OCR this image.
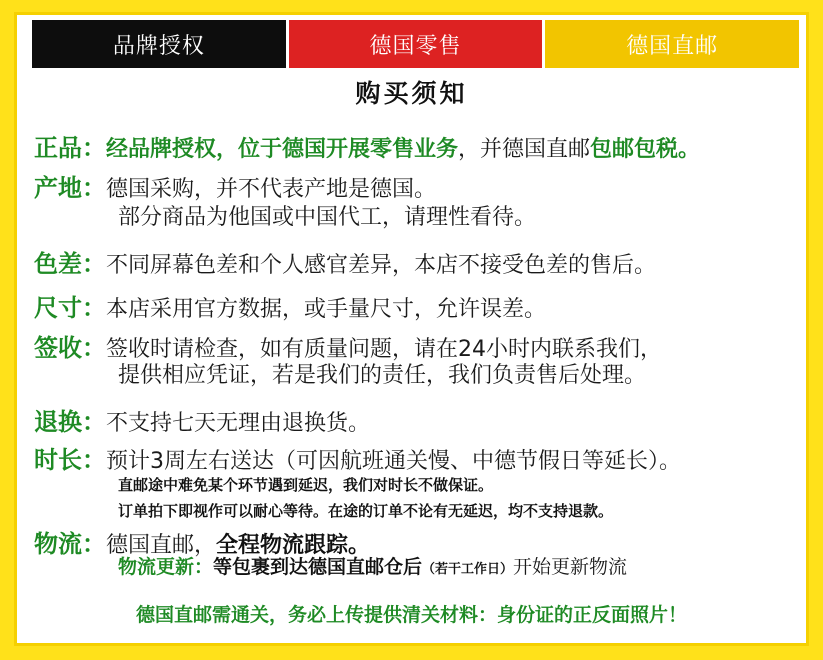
品牌授权	德国零售	德国直邮
购买须知
正品：经品牌授权，位于德国开展零售业务，并德国直邮包邮包税。
产地：德国采购，并不代表产地是德国。
部分商品为他国或中国代工，请理性看待。
色差：不同屏幕色差和个人感官差异，本店不接受色差的售后。
尺寸：本店采用官方数据，或手量尺寸，允许误差。
签收：签收时请检查，如有质量问题，请在24小时内联系我们，
提供相应凭证，若是我们的责任，我们负责售后处理。
退换：不支持七天无理由退换货。
时长：预计3周左右送达（可因航班通关慢、中德节假日等延长）。
直邮途中难免某个环节遇到延迟，我们对时长不做保证。
订单拍下即视作可以耐心等待。在途的订单不论有无延迟，均不支持退款。
物流：德国直邮，全程物流跟踪。
物流更新：等包裹到达德国直邮仓后（若干工作日）开始更新物流
德国直邮需通关，务必上传提供清关材料：身份证的正反面照片！
